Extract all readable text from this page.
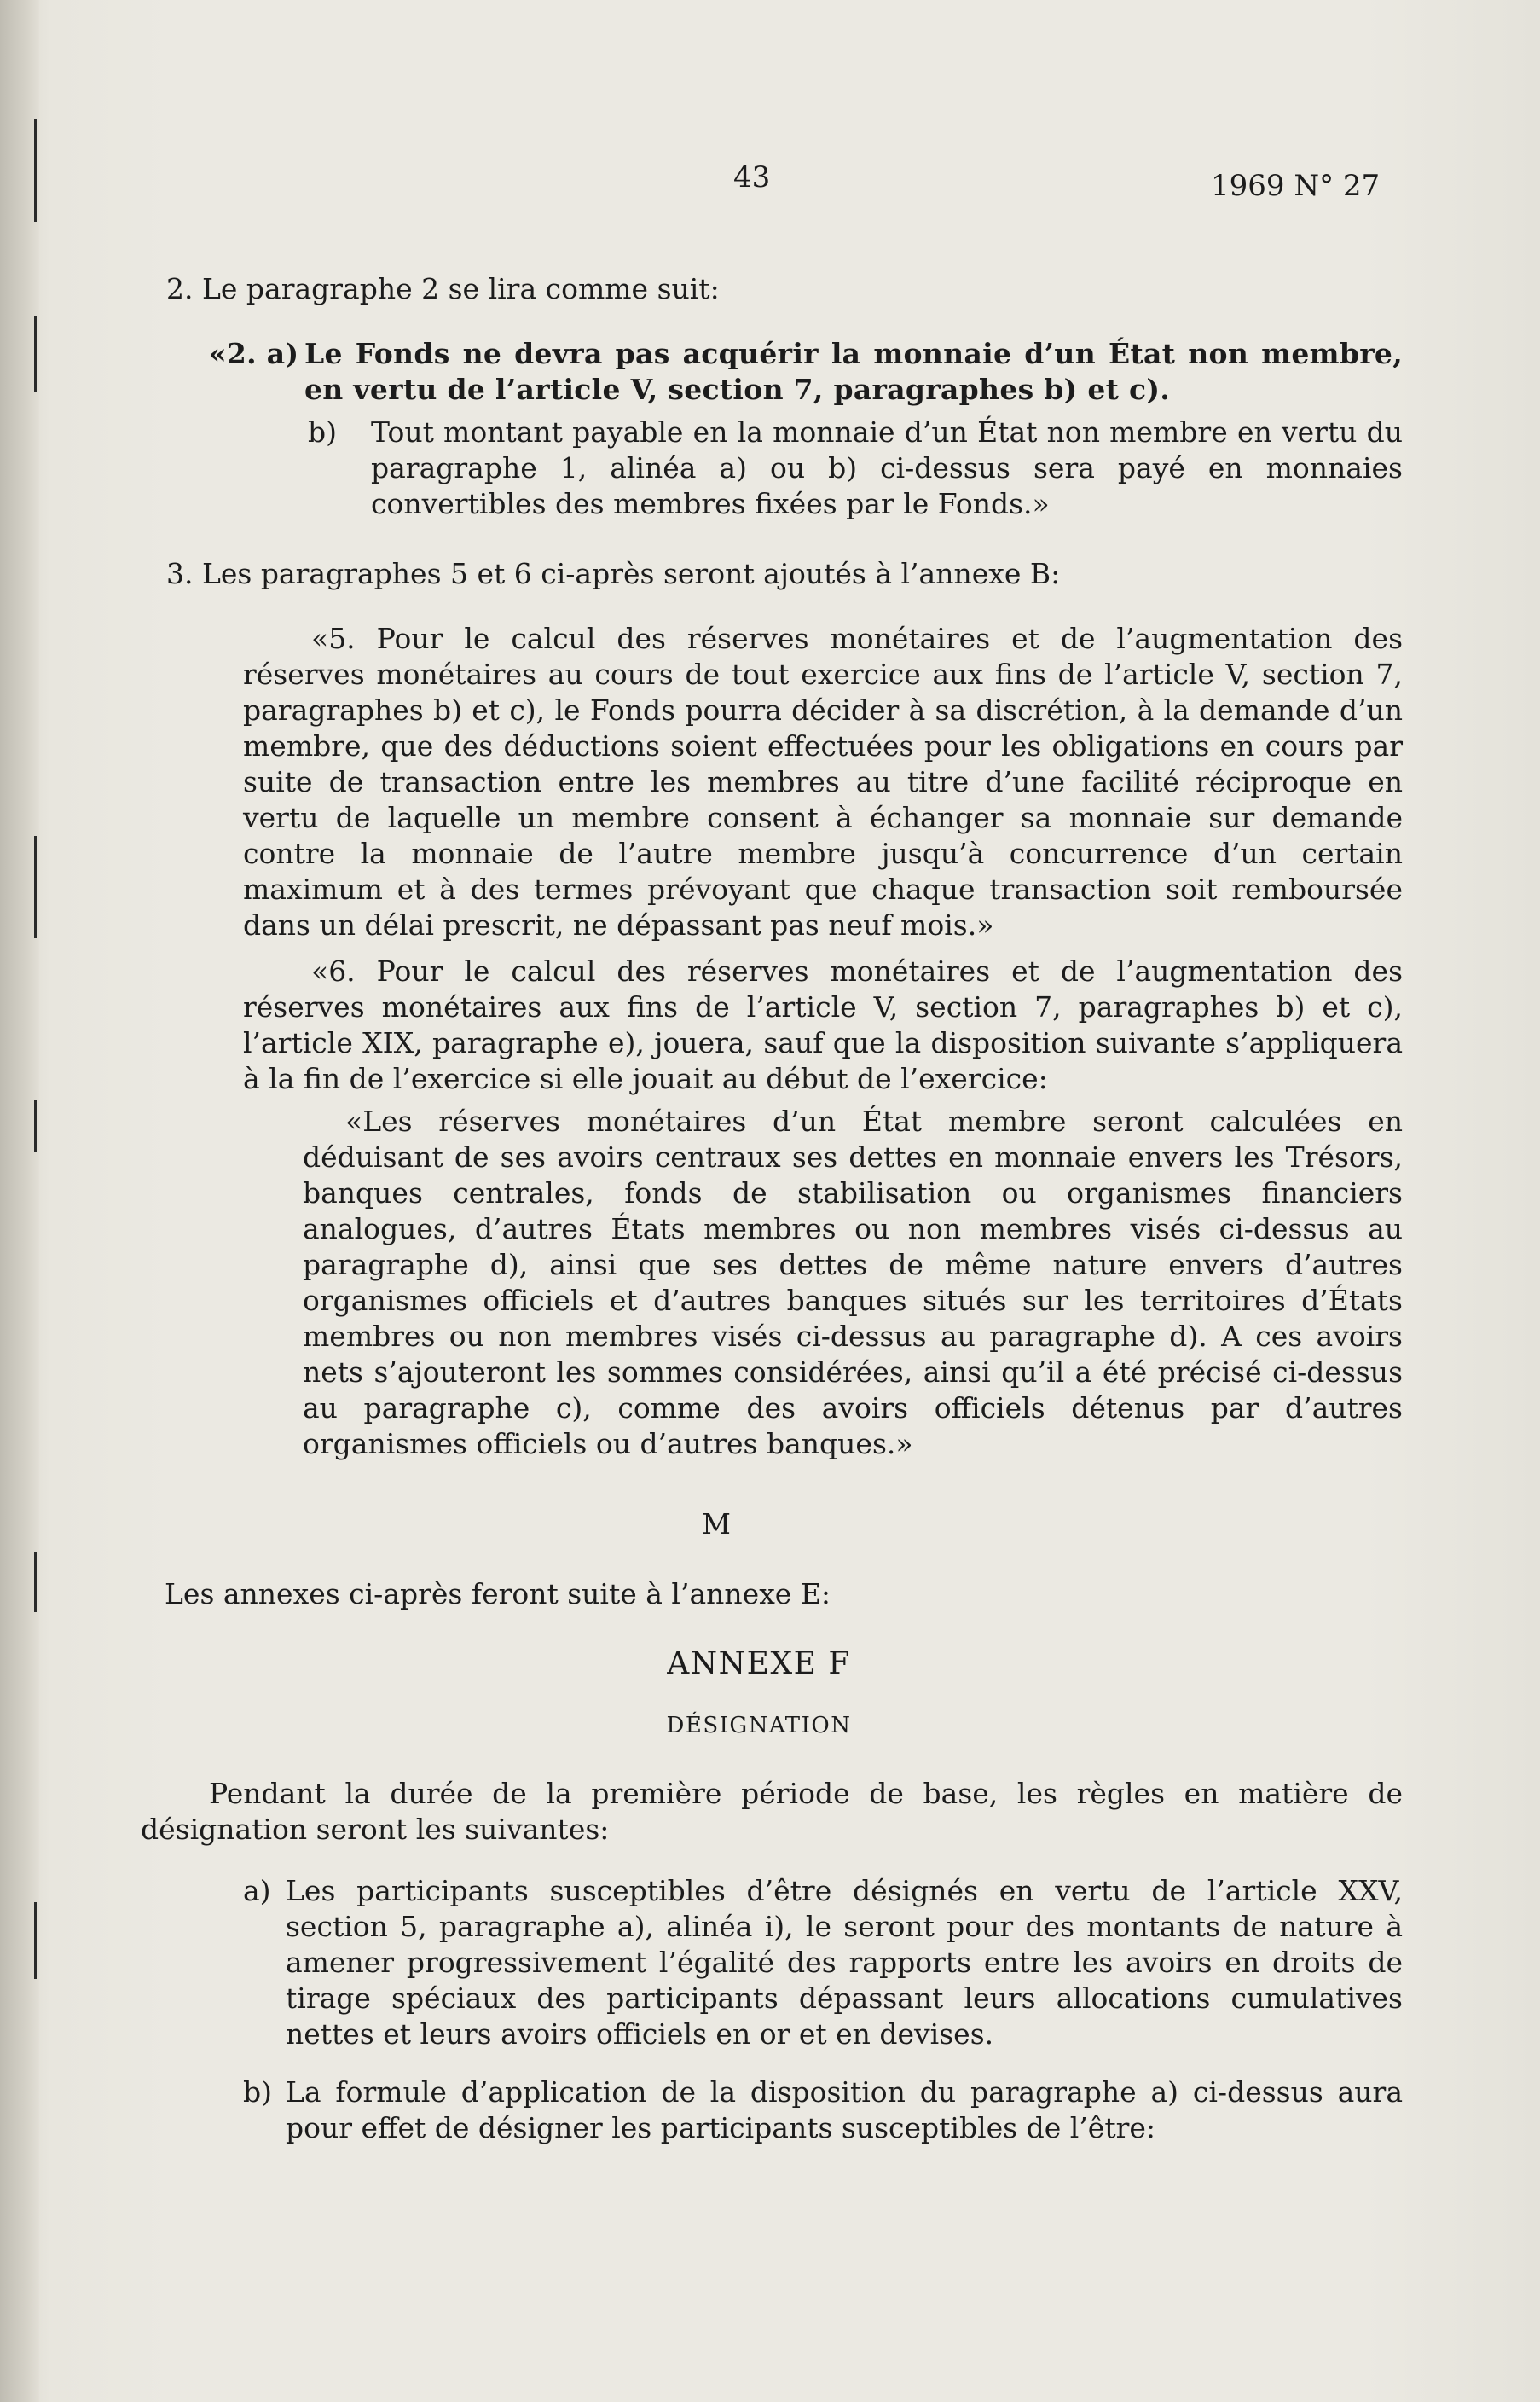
43	1969 N° 27

2. Le paragraphe 2 se lira comme suit:

«2. a) Le Fonds ne devra pas acquérir la monnaie d’un État non membre, en vertu de l’article V, section 7, paragraphes b) et c).
b)	Tout montant payable en la monnaie d’un État non membre en vertu du paragraphe 1, alinéa a) ou b) ci-dessus sera payé en monnaies convertibles des membres fixées par le Fonds.»

3. Les paragraphes 5 et 6 ci-après seront ajoutés à l’annexe B:

«5. Pour le calcul des réserves monétaires et de l’augmentation des réserves monétaires au cours de tout exercice aux fins de l’article V, section 7, paragraphes b) et c), le Fonds pourra décider à sa discrétion, à la demande d’un membre, que des déductions soient effectuées pour les obligations en cours par suite de transaction entre les membres au titre d’une facilité réciproque en vertu de laquelle un membre consent à échanger sa monnaie sur demande contre la monnaie de l’autre membre jusqu’à concurrence d’un certain maximum et à des termes prévoyant que chaque transaction soit remboursée dans un délai prescrit, ne dépassant pas neuf mois.»

«6. Pour le calcul des réserves monétaires et de l’augmentation des réserves monétaires aux fins de l’article V, section 7, paragraphes b) et c), l’article XIX, paragraphe e), jouera, sauf que la disposition suivante s’appliquera à la fin de l’exercice si elle jouait au début de l’exercice:

«Les réserves monétaires d’un État membre seront calculées en déduisant de ses avoirs centraux ses dettes en monnaie envers les Trésors, banques centrales, fonds de stabilisation ou organismes financiers analogues, d’autres États membres ou non membres visés ci-dessus au paragraphe d), ainsi que ses dettes de même nature envers d’autres organismes officiels et d’autres banques situés sur les territoires d’États membres ou non membres visés ci-dessus au paragraphe d). A ces avoirs nets s’ajouteront les sommes considérées, ainsi qu’il a été précisé ci-dessus au paragraphe c), comme des avoirs officiels détenus par d’autres organismes officiels ou d’autres banques.»

M

Les annexes ci-après feront suite à l’annexe E:

ANNEXE F

DÉSIGNATION

Pendant la durée de la première période de base, les règles en matière de désignation seront les suivantes:

a) Les participants susceptibles d’être désignés en vertu de l’article XXV, section 5, paragraphe a), alinéa i), le seront pour des montants de nature à amener progressivement l’égalité des rapports entre les avoirs en droits de tirage spéciaux des participants dépassant leurs allocations cumulatives nettes et leurs avoirs officiels en or et en devises.
b) La formule d’application de la disposition du paragraphe a) ci-dessus aura pour effet de désigner les participants susceptibles de l’être:
